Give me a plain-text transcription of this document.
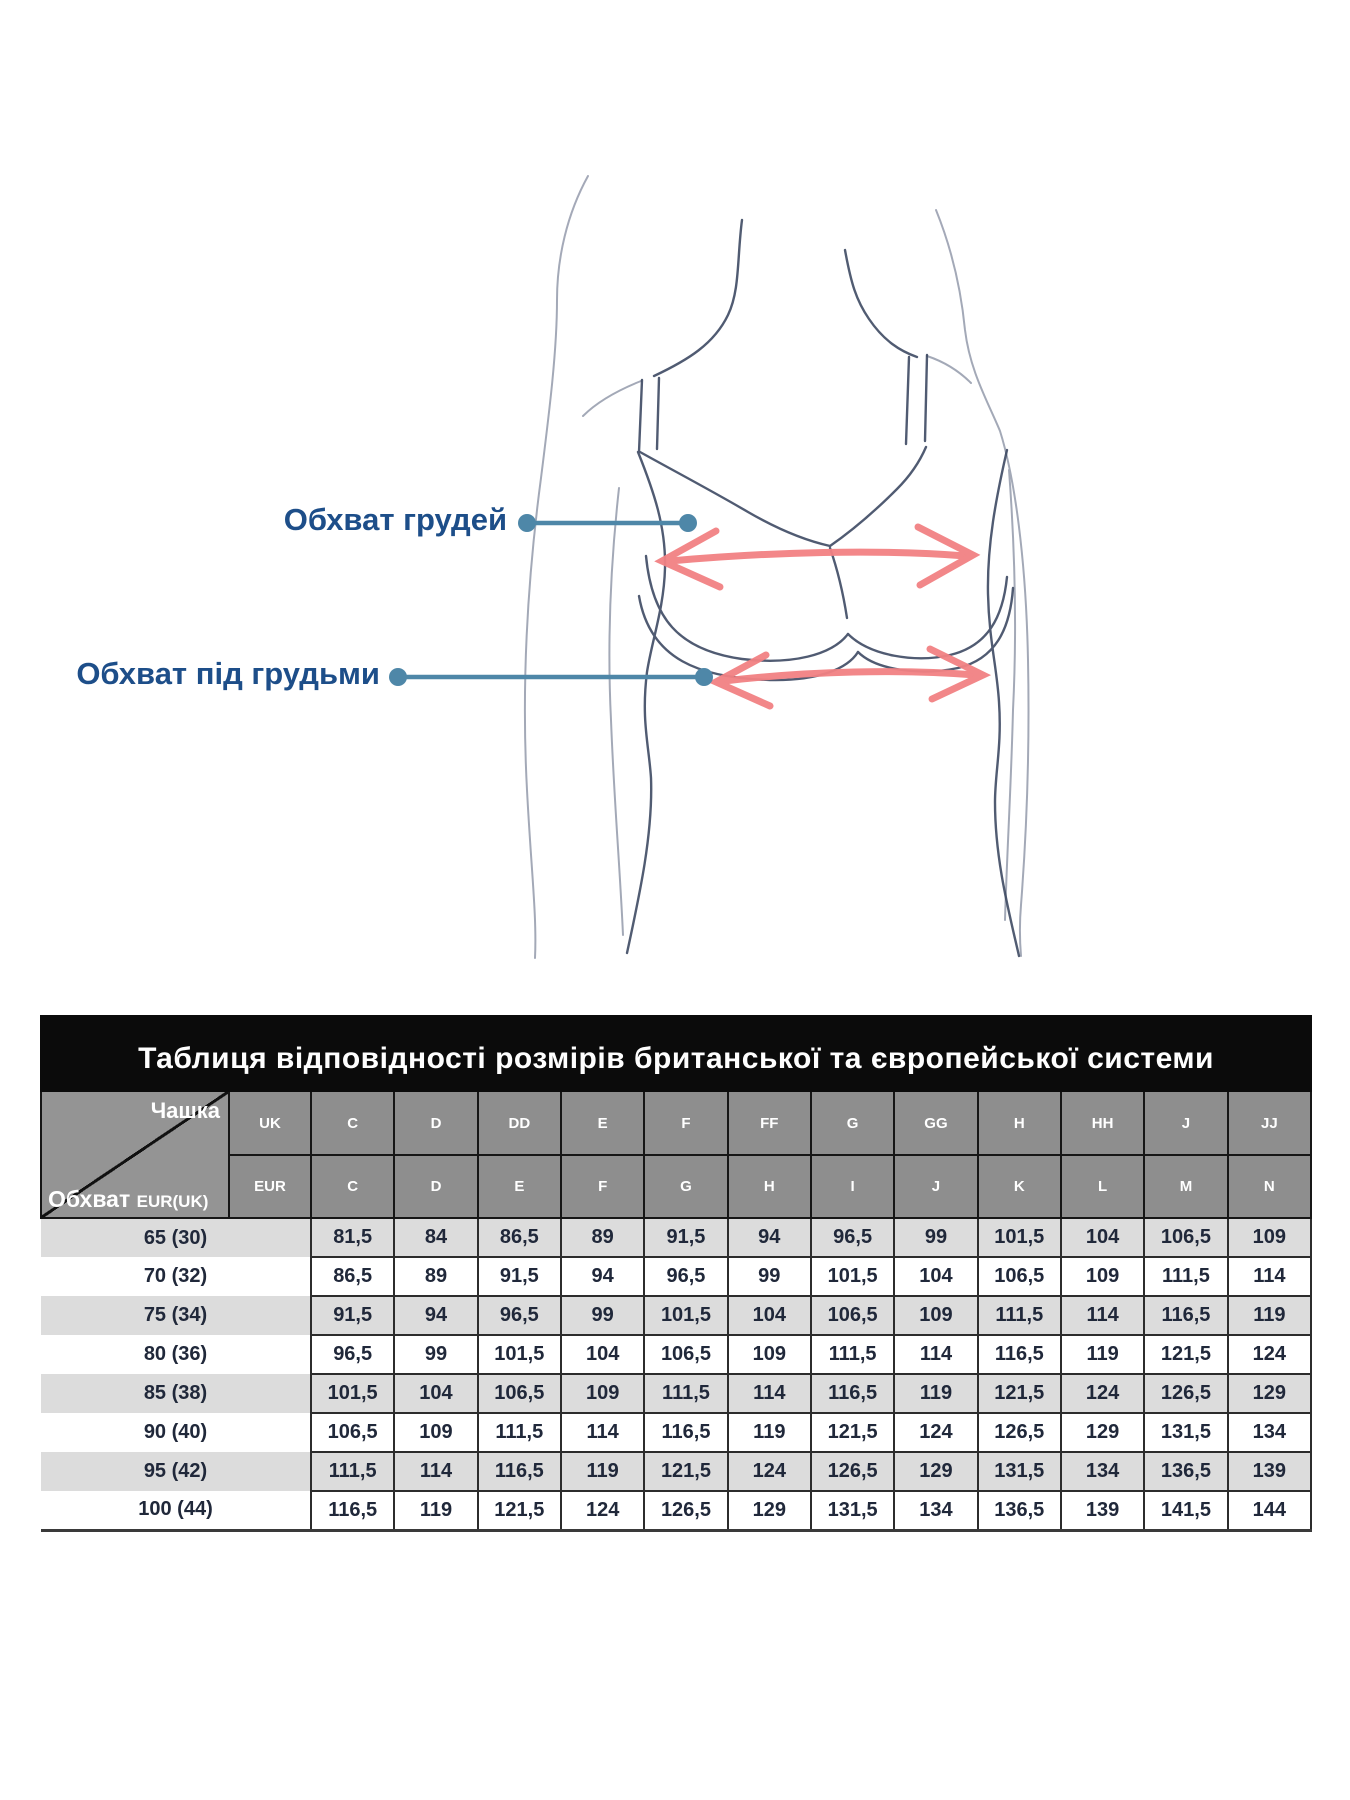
Обхват грудей
Обхват під грудьми
Таблиця відповідності розмірів британської та європейської системи													

Чашка
Обхват EUR(UK)	UK	C	D	DD	E	F	FF	G	GG	H	HH	J	JJ
	EUR	C	D	E	F	G	H	I	J	K	L	M	N
65 (30)		81,5	84	86,5	89	91,5	94	96,5	99	101,5	104	106,5	109
70 (32)		86,5	89	91,5	94	96,5	99	101,5	104	106,5	109	111,5	114
75 (34)		91,5	94	96,5	99	101,5	104	106,5	109	111,5	114	116,5	119
80 (36)		96,5	99	101,5	104	106,5	109	111,5	114	116,5	119	121,5	124
85 (38)		101,5	104	106,5	109	111,5	114	116,5	119	121,5	124	126,5	129
90 (40)		106,5	109	111,5	114	116,5	119	121,5	124	126,5	129	131,5	134
95 (42)		111,5	114	116,5	119	121,5	124	126,5	129	131,5	134	136,5	139
100 (44)		116,5	119	121,5	124	126,5	129	131,5	134	136,5	139	141,5	144
